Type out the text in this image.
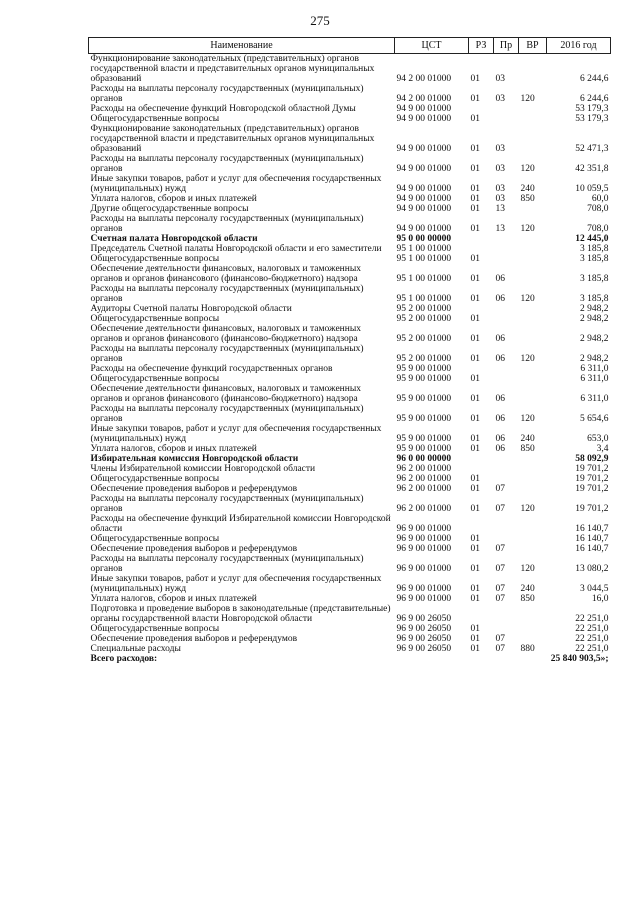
275
Наименование	ЦСТ	РЗ	Пр	ВР	2016 год
Функционирование законодательных (представительных) органов государственной власти и представительных органов муниципальных образований	94 2 00 01000	01	03		6 244,6
Расходы на выплаты персоналу государственных (муниципальных) органов	94 2 00 01000	01	03	120	6 244,6
Расходы на обеспечение функций Новгородской областной Думы	94 9 00 01000				53 179,3
Общегосударственные вопросы	94 9 00 01000	01			53 179,3
Функционирование законодательных (представительных) органов государственной власти и представительных органов муниципальных образований	94 9 00 01000	01	03		52 471,3
Расходы на выплаты персоналу государственных (муниципальных) органов	94 9 00 01000	01	03	120	42 351,8
Иные закупки товаров, работ и услуг для обеспечения государственных (муниципальных) нужд	94 9 00 01000	01	03	240	10 059,5
Уплата налогов, сборов и иных платежей	94 9 00 01000	01	03	850	60,0
Другие общегосударственные вопросы	94 9 00 01000	01	13		708,0
Расходы на выплаты персоналу государственных (муниципальных) органов	94 9 00 01000	01	13	120	708,0
Счетная палата Новгородской области	95 0 00 00000				12 445,0
Председатель Счетной палаты Новгородской области и его заместители	95 1 00 01000				3 185,8
Общегосударственные вопросы	95 1 00 01000	01			3 185,8
Обеспечение деятельности финансовых, налоговых и таможенных органов и органов финансового (финансово-бюджетного) надзора	95 1 00 01000	01	06		3 185,8
Расходы на выплаты персоналу государственных (муниципальных) органов	95 1 00 01000	01	06	120	3 185,8
Аудиторы Счетной палаты Новгородской области	95 2 00 01000				2 948,2
Общегосударственные вопросы	95 2 00 01000	01			2 948,2
Обеспечение деятельности финансовых, налоговых и таможенных органов и органов финансового (финансово-бюджетного) надзора	95 2 00 01000	01	06		2 948,2
Расходы на выплаты персоналу государственных (муниципальных) органов	95 2 00 01000	01	06	120	2 948,2
Расходы на обеспечение функций государственных органов	95 9 00 01000				6 311,0
Общегосударственные вопросы	95 9 00 01000	01			6 311,0
Обеспечение деятельности финансовых, налоговых и таможенных органов и органов финансового (финансово-бюджетного) надзора	95 9 00 01000	01	06		6 311,0
Расходы на выплаты персоналу государственных (муниципальных) органов	95 9 00 01000	01	06	120	5 654,6
Иные закупки товаров, работ и услуг для обеспечения государственных (муниципальных) нужд	95 9 00 01000	01	06	240	653,0
Уплата налогов, сборов и иных платежей	95 9 00 01000	01	06	850	3,4
Избирательная комиссия Новгородской области	96 0 00 00000				58 092,9
Члены Избирательной комиссии Новгородской области	96 2 00 01000				19 701,2
Общегосударственные вопросы	96 2 00 01000	01			19 701,2
Обеспечение проведения выборов и референдумов	96 2 00 01000	01	07		19 701,2
Расходы на выплаты персоналу государственных (муниципальных) органов	96 2 00 01000	01	07	120	19 701,2
Расходы на обеспечение функций Избирательной комиссии Новгородской области	96 9 00 01000				16 140,7
Общегосударственные вопросы	96 9 00 01000	01			16 140,7
Обеспечение проведения выборов и референдумов	96 9 00 01000	01	07		16 140,7
Расходы на выплаты персоналу государственных (муниципальных) органов	96 9 00 01000	01	07	120	13 080,2
Иные закупки товаров, работ и услуг для обеспечения государственных (муниципальных) нужд	96 9 00 01000	01	07	240	3 044,5
Уплата налогов, сборов и иных платежей	96 9 00 01000	01	07	850	16,0
Подготовка и проведение выборов в законодательные (представительные) органы государственной власти Новгородской области	96 9 00 26050				22 251,0
Общегосударственные вопросы	96 9 00 26050	01			22 251,0
Обеспечение проведения выборов и референдумов	96 9 00 26050	01	07		22 251,0
Специальные расходы	96 9 00 26050	01	07	880	22 251,0
Всего расходов:					25 840 903,5»;
